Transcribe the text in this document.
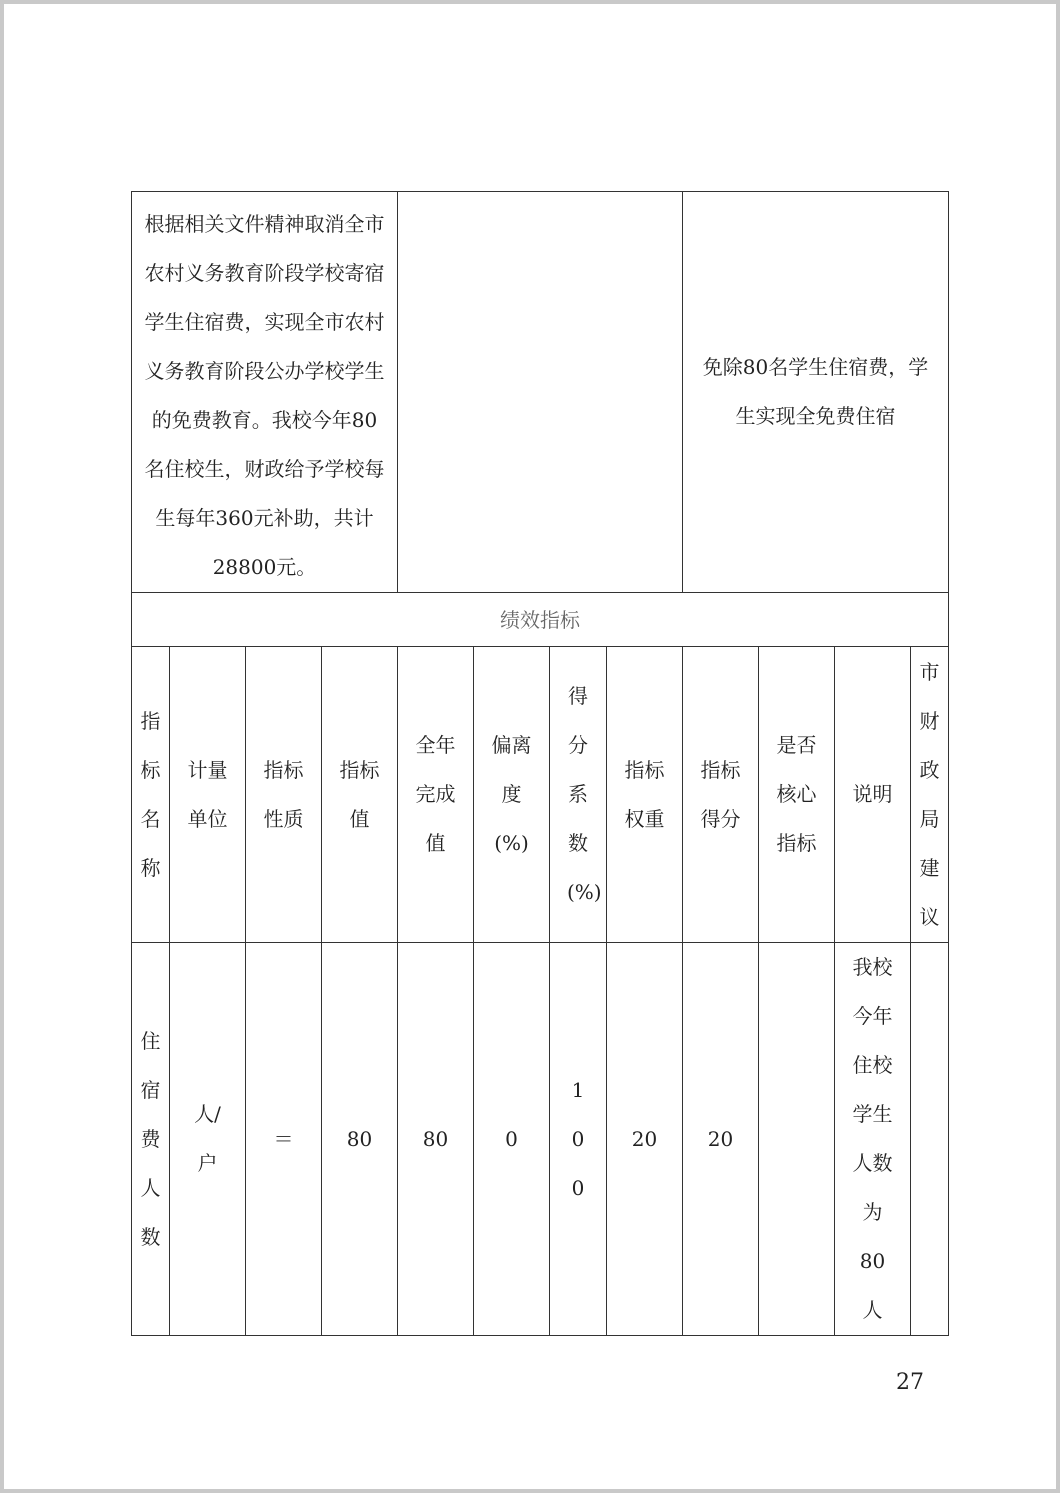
根据相关文件精神取消全市农村义务教育阶段学校寄宿学生住宿费，实现全市农村义务教育阶段公办学校学生的免费教育。我校今年80名住校生，财政给予学校每生每年360元补助，共计28800元。								免除80名学生住宿费，学生实现全免费住宿			

绩效指标											

指标名称	计量单位	指标性质	指标值	全年完成值	偏离度(%)	得分系数(%)	指标权重	指标得分	是否核心指标	说明	市财政局建议

住宿费人数	人/户	＝	80	80	0	100	20	20		我校今年住校学生人数为80人	

27
